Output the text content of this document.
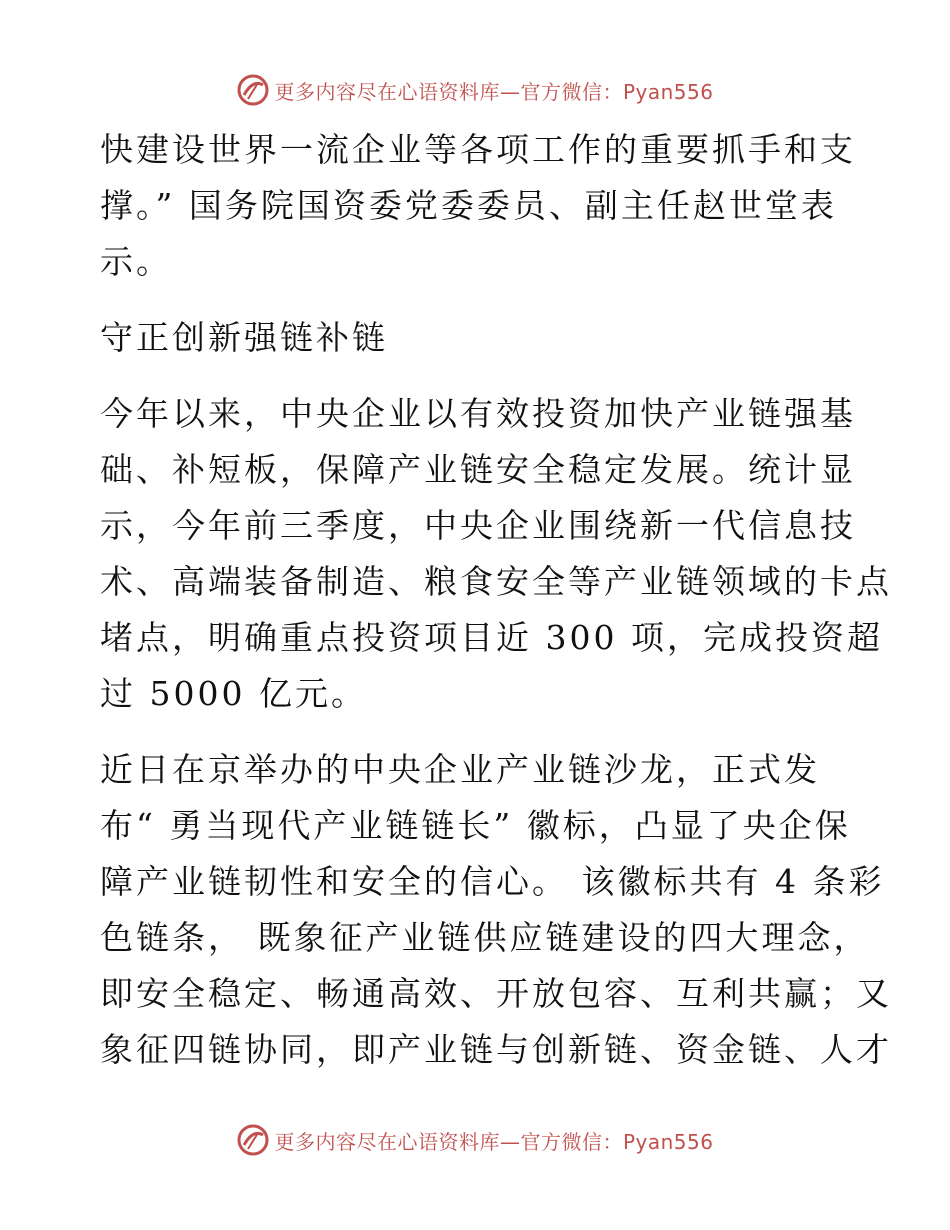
更多内容尽在心语资料库—官方微信：Pyan556
快建设世界一流企业等各项工作的重要抓手和支
撑。” 国务院国资委党委委员、副主任赵世堂表
示。
守正创新强链补链
今年以来，中央企业以有效投资加快产业链强基
础、补短板，保障产业链安全稳定发展。统计显
示，今年前三季度，中央企业围绕新一代信息技
术、高端装备制造、粮食安全等产业链领域的卡点
堵点，明确重点投资项目近 300 项，完成投资超
过 5000 亿元。
近日在京举办的中央企业产业链沙龙，正式发
布“ 勇当现代产业链链长” 徽标，凸显了央企保
障产业链韧性和安全的信心。 该徽标共有 4 条彩
色链条， 既象征产业链供应链建设的四大理念，
即安全稳定、畅通高效、开放包容、互利共赢；又
象征四链协同，即产业链与创新链、资金链、人才
更多内容尽在心语资料库—官方微信：Pyan556
